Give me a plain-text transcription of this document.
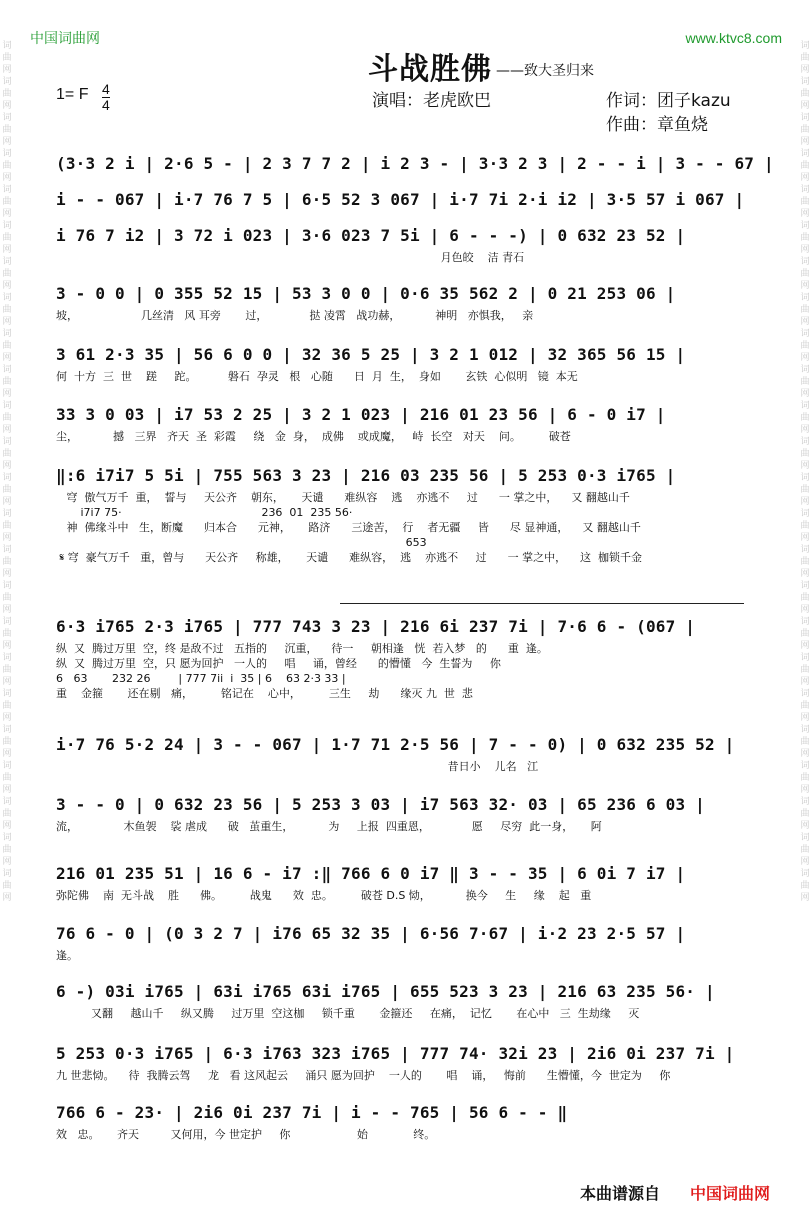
词曲网词曲网词曲网词曲网词曲网词曲网词曲网词曲网词曲网词曲网词曲网词曲网词曲网词曲网词曲网词曲网词曲网词曲网词曲网词曲网词曲网词曲网词曲网词曲网
词曲网词曲网词曲网词曲网词曲网词曲网词曲网词曲网词曲网词曲网词曲网词曲网词曲网词曲网词曲网词曲网词曲网词曲网词曲网词曲网词曲网词曲网词曲网词曲网
中国词曲网	www.ktvc8.com
斗战胜佛 ——致大圣归来
1= F 4
4	演唱：老虎欧巴	作词：团子kazu
作曲：章鱼烧
(3·3 2 i | 2·6 5 - | 2 3 7 7 2 | i 2 3 - | 3·3 2 3 | 2 - - i | 3 - - 67 |
i - - 067 | i·7 76 7 5 | 6·5 52 3 067 | i·7 7i 2·i i2 | 3·5 57 i 067 |
i 76 7 i2 | 3 72 i 023 | 3·6 023 7 5i | 6 - - -) | 0 632 23 52 |
月色皎    洁 青石
3 - 0 0 | 0 355 52 15 | 53 3 0 0 | 0·6 35 562 2 | 0 21 253 06 |
坡，                  几丝清   风 耳旁       过，            挞 凌霄   战功赫，          神明   亦惧我，   亲
3 61 2·3 35 | 56 6 0 0 | 32 36 5 25 | 3 2 1 012 | 32 365 56 15 |
何  十方  三  世    蹉     跎。         磐石  孕灵   根   心随      日  月  生，  身如       玄铁  心似明   镜  本无
33 3 0 03 | i7 53 2 25 | 3 2 1 023 | 216 01 23 56 | 6 - 0 i7 |
尘，          撼   三界   齐天  圣  彩霞     绕   金  身，  成佛    或成魔，   峙  长空   对天    问。        破苍
‖:6 i7i7 5 5i | 755 563 3 23 | 216 03 235 56 | 5 253 0·3 i765 |
穹  傲气万千  重，  誓与     天公齐    朝东，     天谴      难纵容    逃    亦逃不     过      一 掌之中，    又 翻越山千
i7i7 75·                                        236  01  235 56·
神  佛缘斗中   生，断魔      归本合      元神，     路济      三途苦，  行    者无疆     皆      尽 显神通，    又 翻越山千
653
𝄋 穹  豪气万千   重，曾与      天公齐     称雄，     天谴      难纵容，  逃    亦逃不     过      一 掌之中，    这  枷锁千金
6·3 i765 2·3 i765 | 777 743 3 23 | 216 6i 237 7i | 7·6 6 - (067 |
纵  又  腾过万里  空，终 是敌不过   五指的     沉重，    待一     朝相逢   恍  若入梦   的      重  逢。
纵  又  腾过万里  空，只 愿为回护   一人的     唱     诵，曾经      的懵懂   今  生誓为     你
6   63       232 26        | 777 7ii  i  35 | 6    63 2·3 33 |
重    金箍       还在剔   痛，        铭记在    心中，        三生     劫      缘灭 九  世  悲
i·7 76 5·2 24 | 3 - - 067 | 1·7 71 2·5 56 | 7 - - 0) | 0 632 235 52 |
昔日小    儿名   江
3 - - 0 | 0 632 23 56 | 5 253 3 03 | i7 563 32· 03 | 65 236 6 03 |
流，             木鱼袈    裟 虐成      破   茧重生，          为     上报  四重恩，            愿     尽穷  此一身，     阿
216 01 235 51 | 16 6 - i7 :‖ 766 6 0 i7 ‖ 3 - - 35 | 6 0i 7 i7 |
弥陀佛    南  无斗战    胜      佛。        战鬼      效  忠。        破苍 D.S 恸，          换今     生     缘    起   重
76 6 - 0 | (0 3 2 7 | i76 65 32 35 | 6·56 7·67 | i·2 23 2·5 57 |
逢。
6 -) 03i i765 | 63i i765 63i i765 | 655 523 3 23 | 216 63 235 56· |
又翻     越山千     纵又腾     过万里  空这枷     锁千重       金箍还     在痛，  记忆       在心中   三  生劫缘     灭
5 253 0·3 i765 | 6·3 i763 323 i765 | 777 74· 32i 23 | 2i6 0i 237 7i |
九 世悲恸。    待  我腾云驾     龙   看 这风起云     涌只 愿为回护    一人的       唱    诵，   悔前      生懵懂，今  世定为     你
766 6 - 23· | 2i6 0i 237 7i | i - - 765 | 56 6 - - ‖
效   忠。     齐天         又何用，今 世定护     你                   始             终。
本曲谱源自 中国词曲网
